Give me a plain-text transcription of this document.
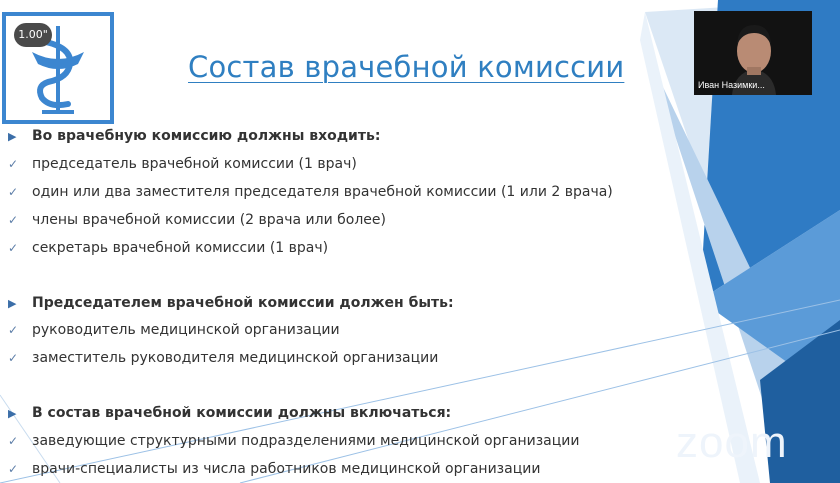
1.00"
Состав врачебной комиссии
▶ Во врачебную комиссию должны входить:
✓ председатель врачебной комиссии (1 врач)
✓ один или два заместителя председателя врачебной комиссии (1 или 2 врача)
✓ члены врачебной комиссии (2 врача или более)
✓ секретарь врачебной комиссии (1 врач)
▶ Председателем врачебной комиссии должен быть:
✓ руководитель медицинской организации
✓ заместитель руководителя медицинской организации
▶ В состав врачебной комиссии должны включаться:
✓ заведующие структурными подразделениями медицинской организации
✓ врачи-специалисты из числа работников медицинской организации
zoom
Иван Назимки...
